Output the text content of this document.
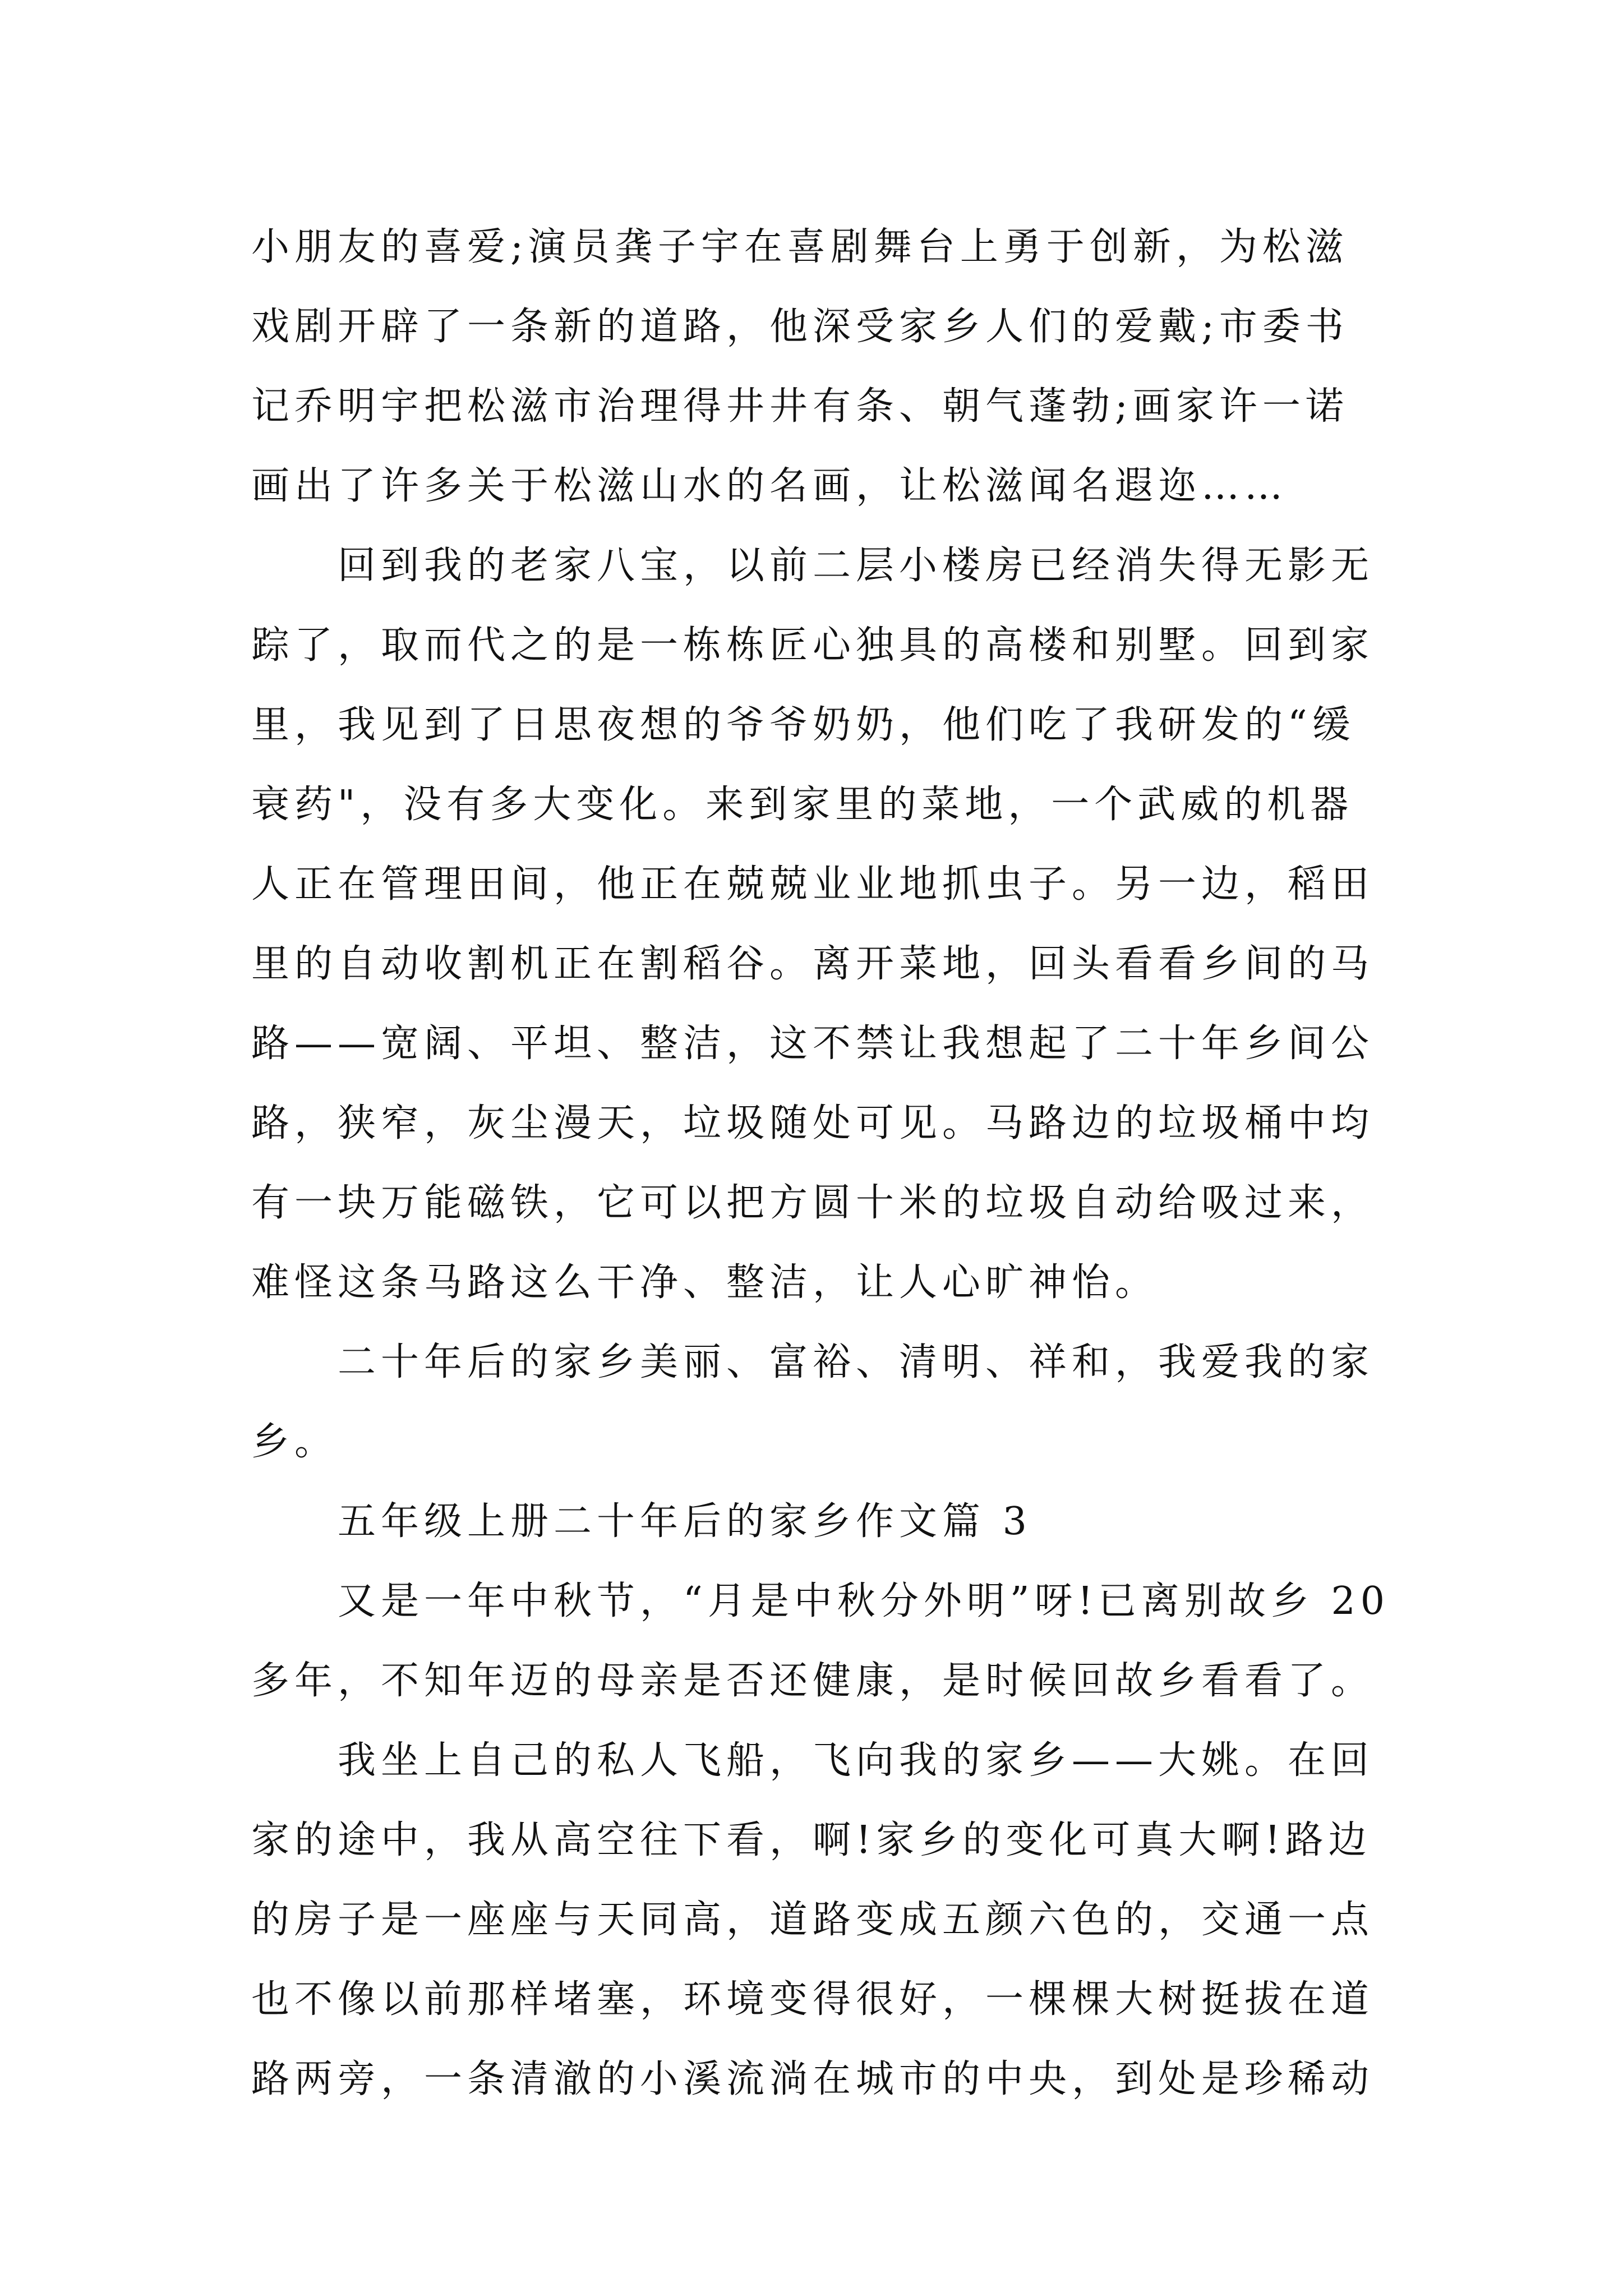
小朋友的喜爱;演员龚子宇在喜剧舞台上勇于创新，为松滋
戏剧开辟了一条新的道路，他深受家乡人们的爱戴;市委书
记乔明宇把松滋市治理得井井有条、朝气蓬勃;画家许一诺
画出了许多关于松滋山水的名画，让松滋闻名遐迩……
回到我的老家八宝，以前二层小楼房已经消失得无影无
踪了，取而代之的是一栋栋匠心独具的高楼和别墅。回到家
里，我见到了日思夜想的爷爷奶奶，他们吃了我研发的“缓
衰药"，没有多大变化。来到家里的菜地，一个武威的机器
人正在管理田间，他正在兢兢业业地抓虫子。另一边，稻田
里的自动收割机正在割稻谷。离开菜地，回头看看乡间的马
路——宽阔、平坦、整洁，这不禁让我想起了二十年乡间公
路，狭窄，灰尘漫天，垃圾随处可见。马路边的垃圾桶中均
有一块万能磁铁，它可以把方圆十米的垃圾自动给吸过来，
难怪这条马路这么干净、整洁，让人心旷神怡。
二十年后的家乡美丽、富裕、清明、祥和，我爱我的家
乡。
五年级上册二十年后的家乡作文篇 3
又是一年中秋节，“月是中秋分外明”呀!已离别故乡 20
多年，不知年迈的母亲是否还健康，是时候回故乡看看了。
我坐上自己的私人飞船，飞向我的家乡——大姚。在回
家的途中，我从高空往下看，啊!家乡的变化可真大啊!路边
的房子是一座座与天同高，道路变成五颜六色的，交通一点
也不像以前那样堵塞，环境变得很好，一棵棵大树挺拔在道
路两旁，一条清澈的小溪流淌在城市的中央，到处是珍稀动
